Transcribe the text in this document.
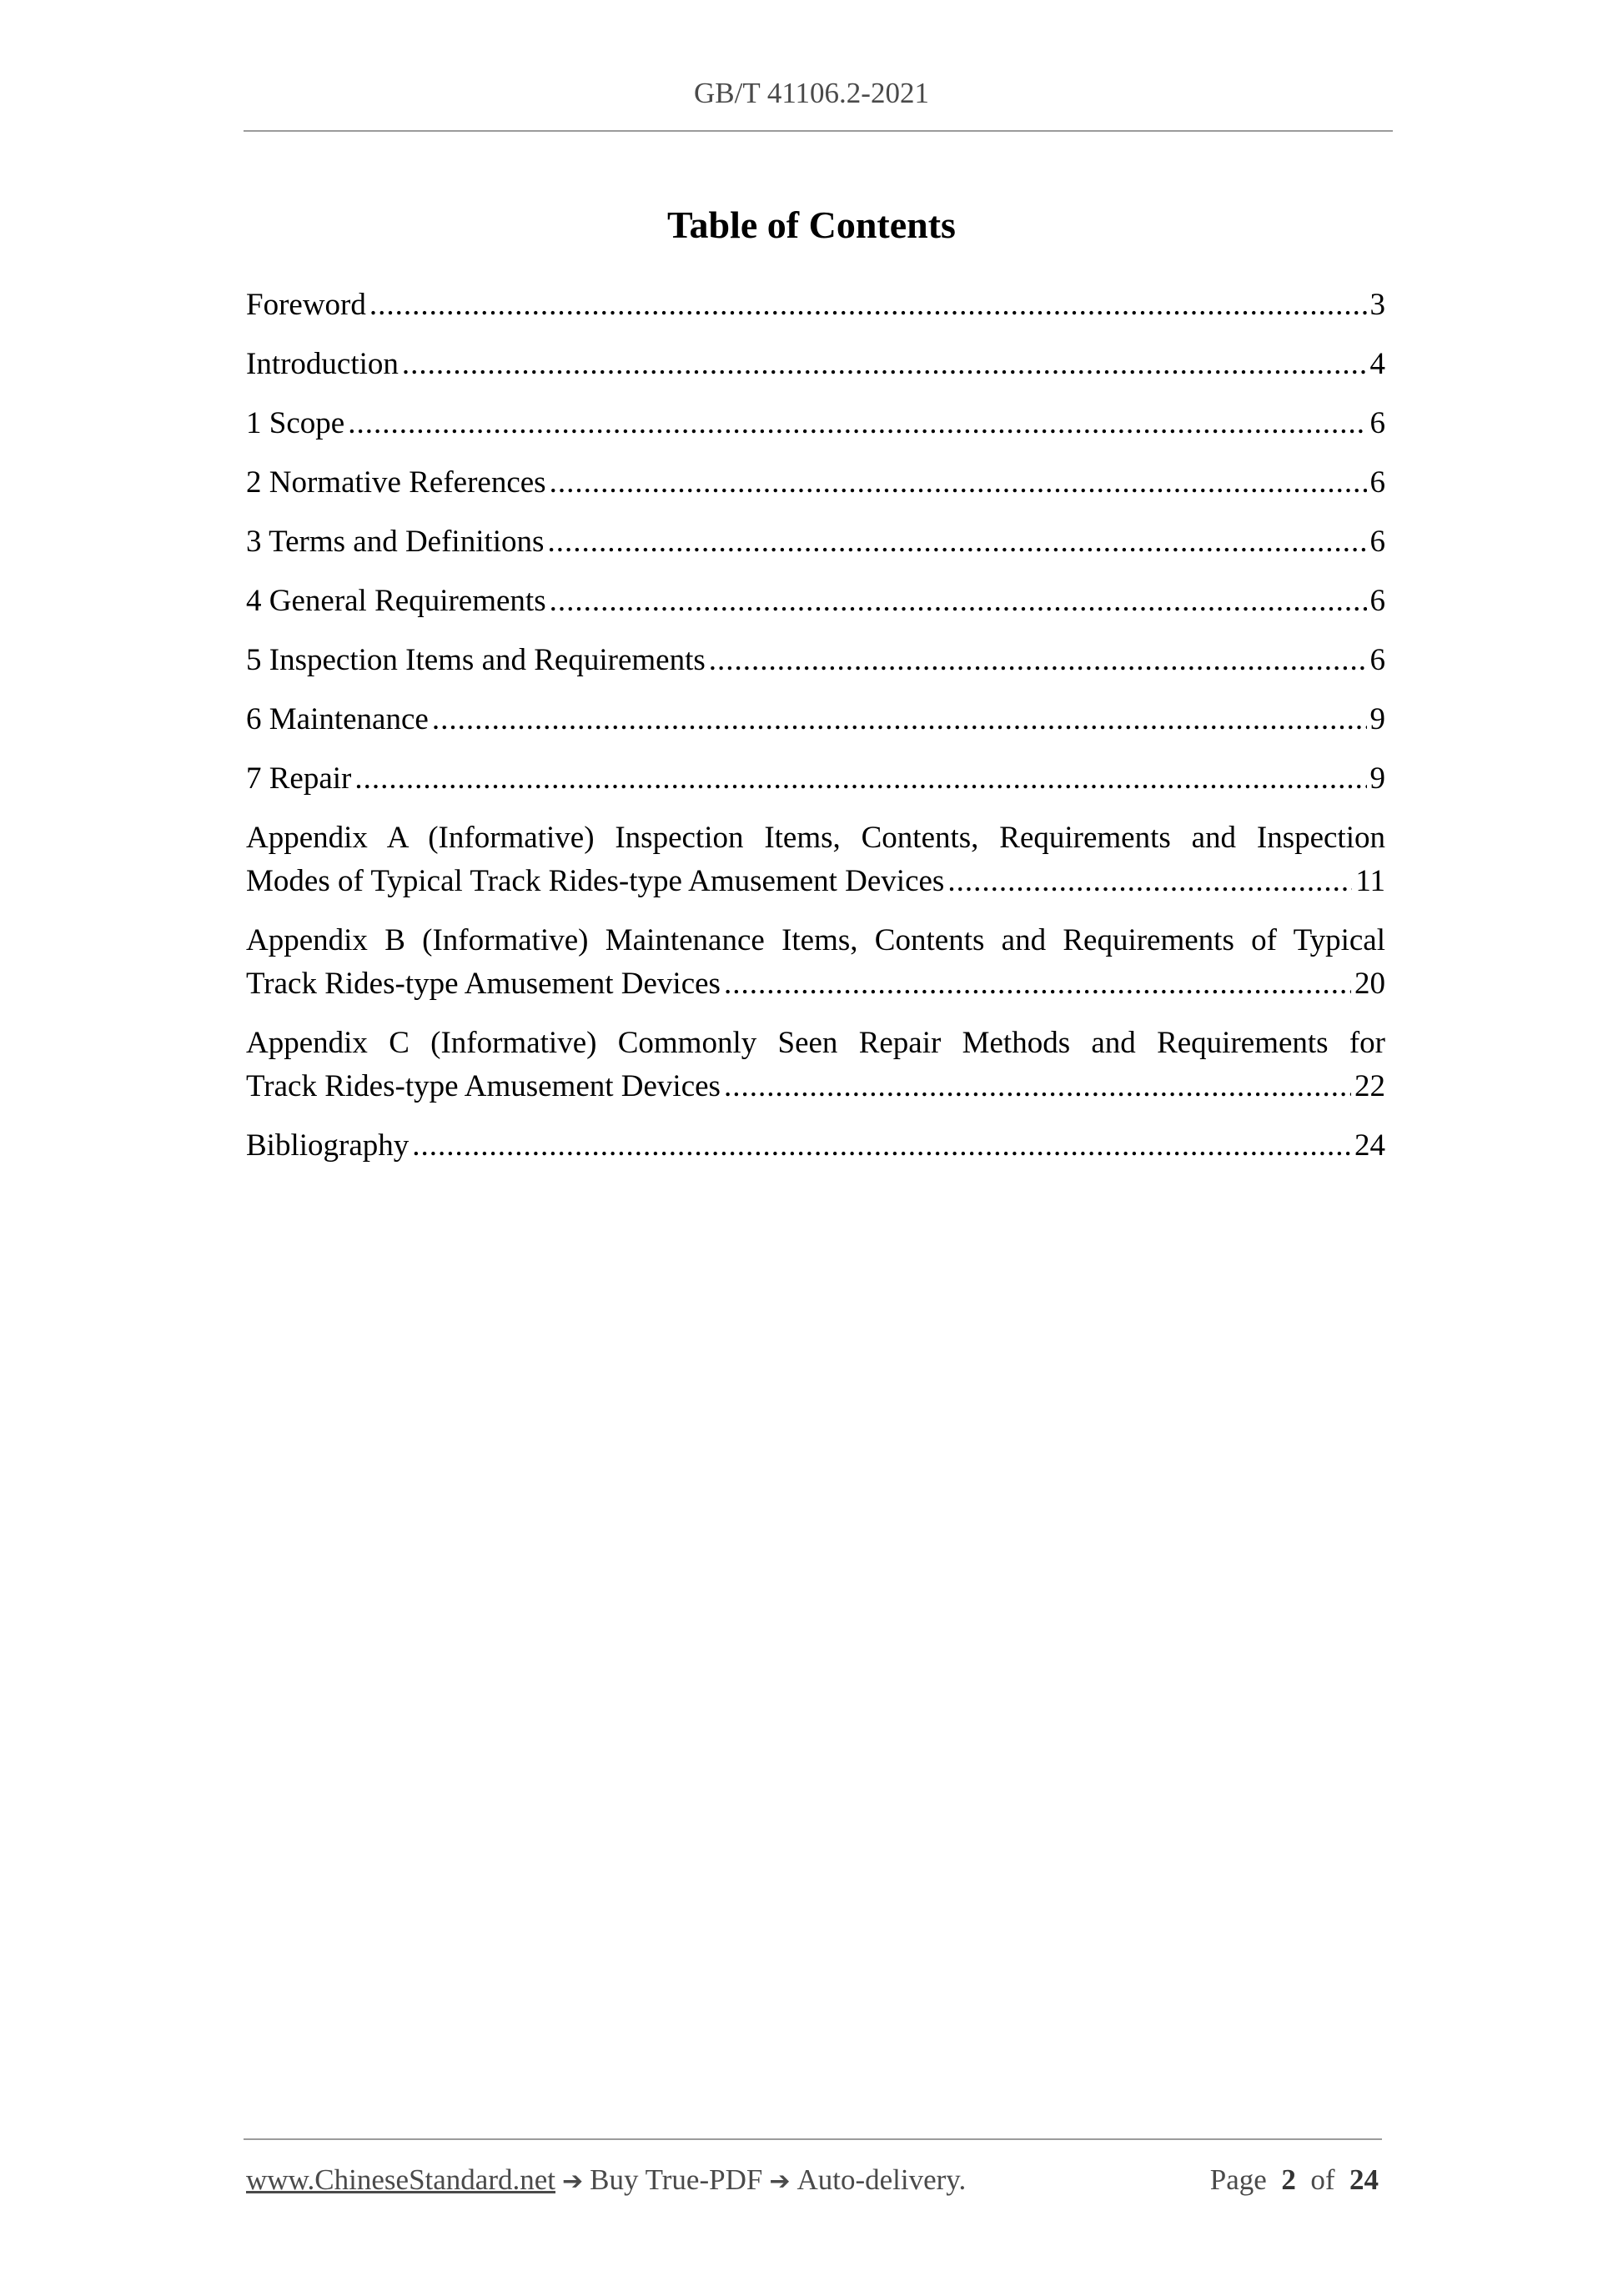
GB/T 41106.2-2021
Table of Contents
Foreword .....	3
Introduction .....	4
1 Scope .....	6
2 Normative References .....	6
3 Terms and Definitions .....	6
4 General Requirements .....	6
5 Inspection Items and Requirements .....	6
6 Maintenance .....	9
7 Repair .....	9
Appendix A (Informative) Inspection Items, Contents, Requirements and Inspection
Modes of Typical Track Rides-type Amusement Devices .....	11
Appendix B (Informative) Maintenance Items, Contents and Requirements of Typical
Track Rides-type Amusement Devices .....	20
Appendix C (Informative) Commonly Seen Repair Methods and Requirements for
Track Rides-type Amusement Devices .....	22
Bibliography .....	24
www.ChineseStandard.net ➔ Buy True-PDF ➔ Auto-delivery.	Page 2 of 24
